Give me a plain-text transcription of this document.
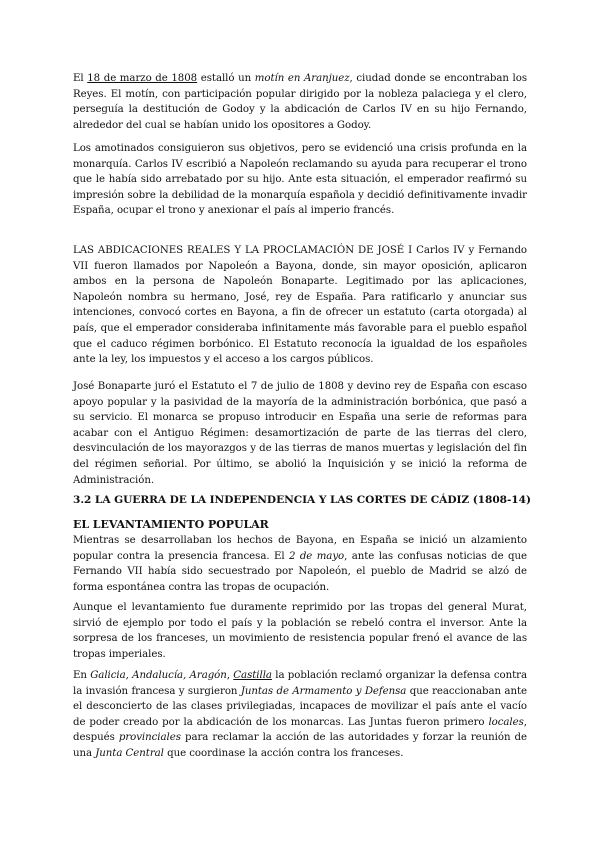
El 18 de marzo de 1808 estalló un motín en Aranjuez, ciudad donde se encontraban los Reyes. El motín, con participación popular dirigido por la nobleza palaciega y el clero, perseguía la destitución de Godoy y la abdicación de Carlos IV en su hijo Fernando, alrededor del cual se habían unido los opositores a Godoy.

Los amotinados consiguieron sus objetivos, pero se evidenció una crisis profunda en la monarquía. Carlos IV escribió a Napoleón reclamando su ayuda para recuperar el trono que le había sido arrebatado por su hijo. Ante esta situación, el emperador reafirmó su impresión sobre la debilidad de la monarquía española y decidió definitivamente invadir España, ocupar el trono y anexionar el país al imperio francés.

LAS ABDICACIONES REALES Y LA PROCLAMACIÓN DE JOSÉ I Carlos IV y Fernando VII fueron llamados por Napoleón a Bayona, donde, sin mayor oposición, aplicaron ambos en la persona de Napoleón Bonaparte. Legitimado por las aplicaciones, Napoleón nombra su hermano, José, rey de España. Para ratificarlo y anunciar sus intenciones, convocó cortes en Bayona, a fin de ofrecer un estatuto (carta otorgada) al país, que el emperador consideraba infinitamente más favorable para el pueblo español que el caduco régimen borbónico. El Estatuto reconocía la igualdad de los españoles ante la ley, los impuestos y el acceso a los cargos públicos.

José Bonaparte juró el Estatuto el 7 de julio de 1808 y devino rey de España con escaso apoyo popular y la pasividad de la mayoría de la administración borbónica, que pasó a su servicio. El monarca se propuso introducir en España una serie de reformas para acabar con el Antiguo Régimen: desamortización de parte de las tierras del clero, desvinculación de los mayorazgos y de las tierras de manos muertas y legislación del fin del régimen señorial. Por último, se abolió la Inquisición y se inició la reforma de Administración.

3.2 LA GUERRA DE LA INDEPENDENCIA Y LAS CORTES DE CÁDIZ (1808-14)
EL LEVANTAMIENTO POPULAR

Mientras se desarrollaban los hechos de Bayona, en España se inició un alzamiento popular contra la presencia francesa. El 2 de mayo, ante las confusas noticias de que Fernando VII había sido secuestrado por Napoleón, el pueblo de Madrid se alzó de forma espontánea contra las tropas de ocupación.

Aunque el levantamiento fue duramente reprimido por las tropas del general Murat, sirvió de ejemplo por todo el país y la población se rebeló contra el inversor. Ante la sorpresa de los franceses, un movimiento de resistencia popular frenó el avance de las tropas imperiales.

En Galicia, Andalucía, Aragón, Castilla la población reclamó organizar la defensa contra la invasión francesa y surgieron Juntas de Armamento y Defensa que reaccionaban ante el desconcierto de las clases privilegiadas, incapaces de movilizar el país ante el vacío de poder creado por la abdicación de los monarcas. Las Juntas fueron primero locales, después provinciales para reclamar la acción de las autoridades y forzar la reunión de una Junta Central que coordinase la acción contra los franceses.
